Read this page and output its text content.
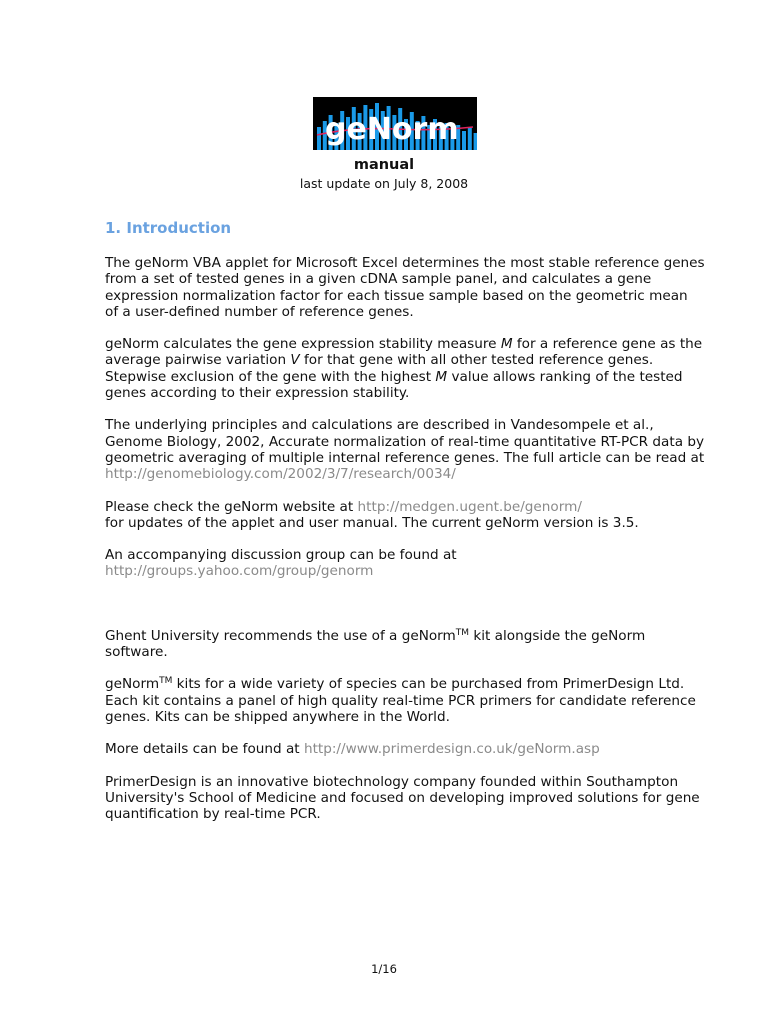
geNorm
manual
last update on July 8, 2008
1. Introduction

The geNorm VBA applet for Microsoft Excel determines the most stable reference genes from a set of tested genes in a given cDNA sample panel, and calculates a gene expression normalization factor for each tissue sample based on the geometric mean of a user-defined number of reference genes.

geNorm calculates the gene expression stability measure M for a reference gene as the average pairwise variation V for that gene with all other tested reference genes. Stepwise exclusion of the gene with the highest M value allows ranking of the tested genes according to their expression stability.

The underlying principles and calculations are described in Vandesompele et al., Genome Biology, 2002, Accurate normalization of real-time quantitative RT-PCR data by geometric averaging of multiple internal reference genes. The full article can be read at http://genomebiology.com/2002/3/7/research/0034/

Please check the geNorm website at http://medgen.ugent.be/genorm/
for updates of the applet and user manual. The current geNorm version is 3.5.

An accompanying discussion group can be found at
http://groups.yahoo.com/group/genorm

Ghent University recommends the use of a geNorm™ kit alongside the geNorm software.

geNorm™ kits for a wide variety of species can be purchased from PrimerDesign Ltd. Each kit contains a panel of high quality real-time PCR primers for candidate reference genes. Kits can be shipped anywhere in the World.

More details can be found at http://www.primerdesign.co.uk/geNorm.asp

PrimerDesign is an innovative biotechnology company founded within Southampton University's School of Medicine and focused on developing improved solutions for gene quantification by real-time PCR.

1/16
